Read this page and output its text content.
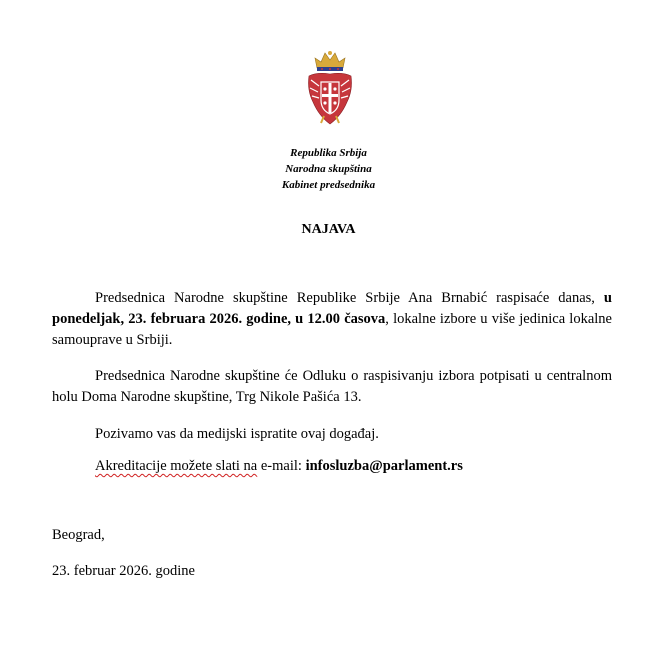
Republika Srbija
Narodna skupština
Kabinet predsednika
NAJAVA

Predsednica Narodne skupštine Republike Srbije Ana Brnabić raspisaće danas, u ponedeljak, 23. februara 2026. godine, u 12.00 časova, lokalne izbore u više jedinica lokalne samouprave u Srbiji.

Predsednica Narodne skupštine će Odluku o raspisivanju izbora potpisati u centralnom holu Doma Narodne skupštine, Trg Nikole Pašića 13.

Pozivamo vas da medijski ispratite ovaj događaj.

Akreditacije možete slati na e-mail: infosluzba@parlament.rs

Beograd,
23. februar 2026. godine
